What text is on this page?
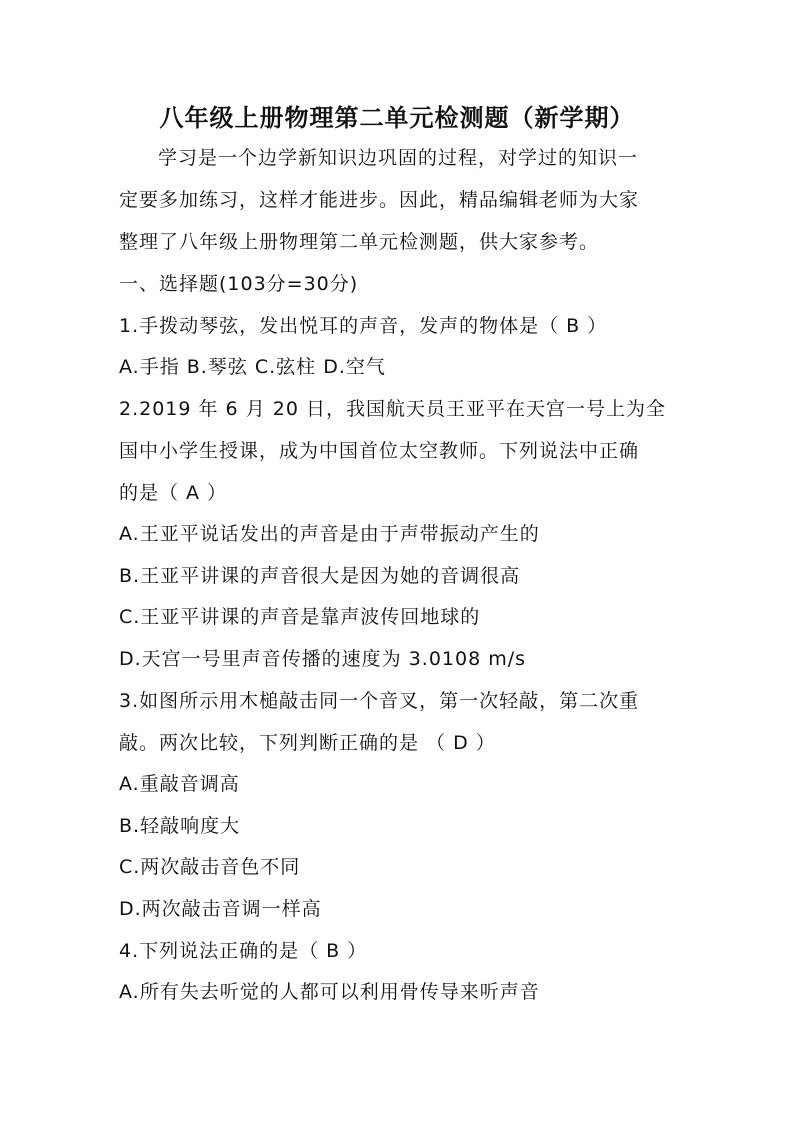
八年级上册物理第二单元检测题（新学期）
学习是一个边学新知识边巩固的过程，对学过的知识一
定要多加练习，这样才能进步。因此，精品编辑老师为大家
整理了八年级上册物理第二单元检测题，供大家参考。
一、选择题(103分=30分)
1.手拨动琴弦，发出悦耳的声音，发声的物体是（ B ）
A.手指 B.琴弦 C.弦柱 D.空气
2.2019 年 6 月 20 日，我国航天员王亚平在天宫一号上为全
国中小学生授课，成为中国首位太空教师。下列说法中正确
的是（ A ）
A.王亚平说话发出的声音是由于声带振动产生的
B.王亚平讲课的声音很大是因为她的音调很高
C.王亚平讲课的声音是靠声波传回地球的
D.天宫一号里声音传播的速度为 3.0108 m/s
3.如图所示用木槌敲击同一个音叉，第一次轻敲，第二次重
敲。两次比较，下列判断正确的是 （ D ）
A.重敲音调高
B.轻敲响度大
C.两次敲击音色不同
D.两次敲击音调一样高
4.下列说法正确的是（ B ）
A.所有失去听觉的人都可以利用骨传导来听声音
